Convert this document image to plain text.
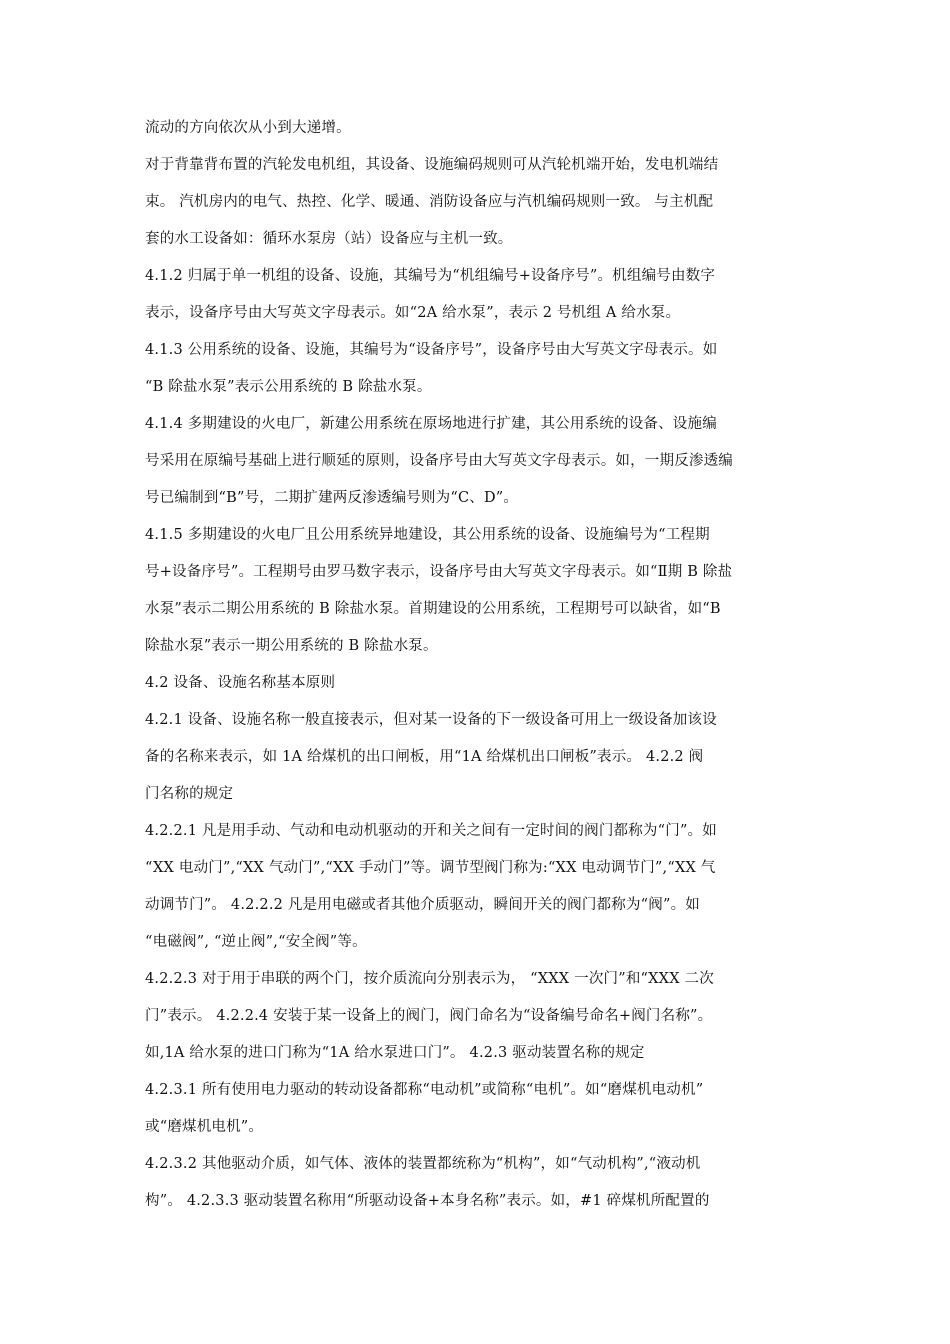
流动的方向依次从小到大递增。
对于背靠背布置的汽轮发电机组，其设备、设施编码规则可从汽轮机端开始，发电机端结
束。 汽机房内的电气、热控、化学、暖通、消防设备应与汽机编码规则一致。 与主机配
套的水工设备如：循环水泵房（站）设备应与主机一致。
4.1.2 归属于单一机组的设备、设施，其编号为“机组编号+设备序号”。机组编号由数字
表示，设备序号由大写英文字母表示。如“2A 给水泵”，表示 2 号机组 A 给水泵。
4.1.3 公用系统的设备、设施，其编号为“设备序号”，设备序号由大写英文字母表示。如
“B 除盐水泵”表示公用系统的 B 除盐水泵。
4.1.4 多期建设的火电厂，新建公用系统在原场地进行扩建，其公用系统的设备、设施编
号采用在原编号基础上进行顺延的原则，设备序号由大写英文字母表示。如，一期反渗透编
号已编制到“B”号，二期扩建两反渗透编号则为“C、D”。
4.1.5 多期建设的火电厂且公用系统异地建设，其公用系统的设备、设施编号为“工程期
号+设备序号”。工程期号由罗马数字表示，设备序号由大写英文字母表示。如“Ⅱ期 B 除盐
水泵”表示二期公用系统的 B 除盐水泵。首期建设的公用系统，工程期号可以缺省，如“B
除盐水泵”表示一期公用系统的 B 除盐水泵。
4.2 设备、设施名称基本原则
4.2.1 设备、设施名称一般直接表示，但对某一设备的下一级设备可用上一级设备加该设
备的名称来表示，如 1A 给煤机的出口闸板，用“1A 给煤机出口闸板”表示。 4.2.2 阀
门名称的规定
4.2.2.1 凡是用手动、气动和电动机驱动的开和关之间有一定时间的阀门都称为“门”。如
“XX 电动门”,“XX 气动门”,“XX 手动门”等。调节型阀门称为:“XX 电动调节门”,“XX 气
动调节门”。 4.2.2.2 凡是用电磁或者其他介质驱动，瞬间开关的阀门都称为“阀”。如
“电磁阀”, “逆止阀”,“安全阀”等。
4.2.2.3 对于用于串联的两个门，按介质流向分别表示为， “XXX 一次门”和“XXX 二次
门”表示。 4.2.2.4 安装于某一设备上的阀门，阀门命名为“设备编号命名+阀门名称”。
如,1A 给水泵的进口门称为“1A 给水泵进口门”。 4.2.3 驱动装置名称的规定
4.2.3.1 所有使用电力驱动的转动设备都称“电动机”或简称“电机”。如“磨煤机电动机”
或“磨煤机电机”。
4.2.3.2 其他驱动介质，如气体、液体的装置都统称为“机构”，如“气动机构”,“液动机
构”。 4.2.3.3 驱动装置名称用“所驱动设备+本身名称”表示。如，#1 碎煤机所配置的
